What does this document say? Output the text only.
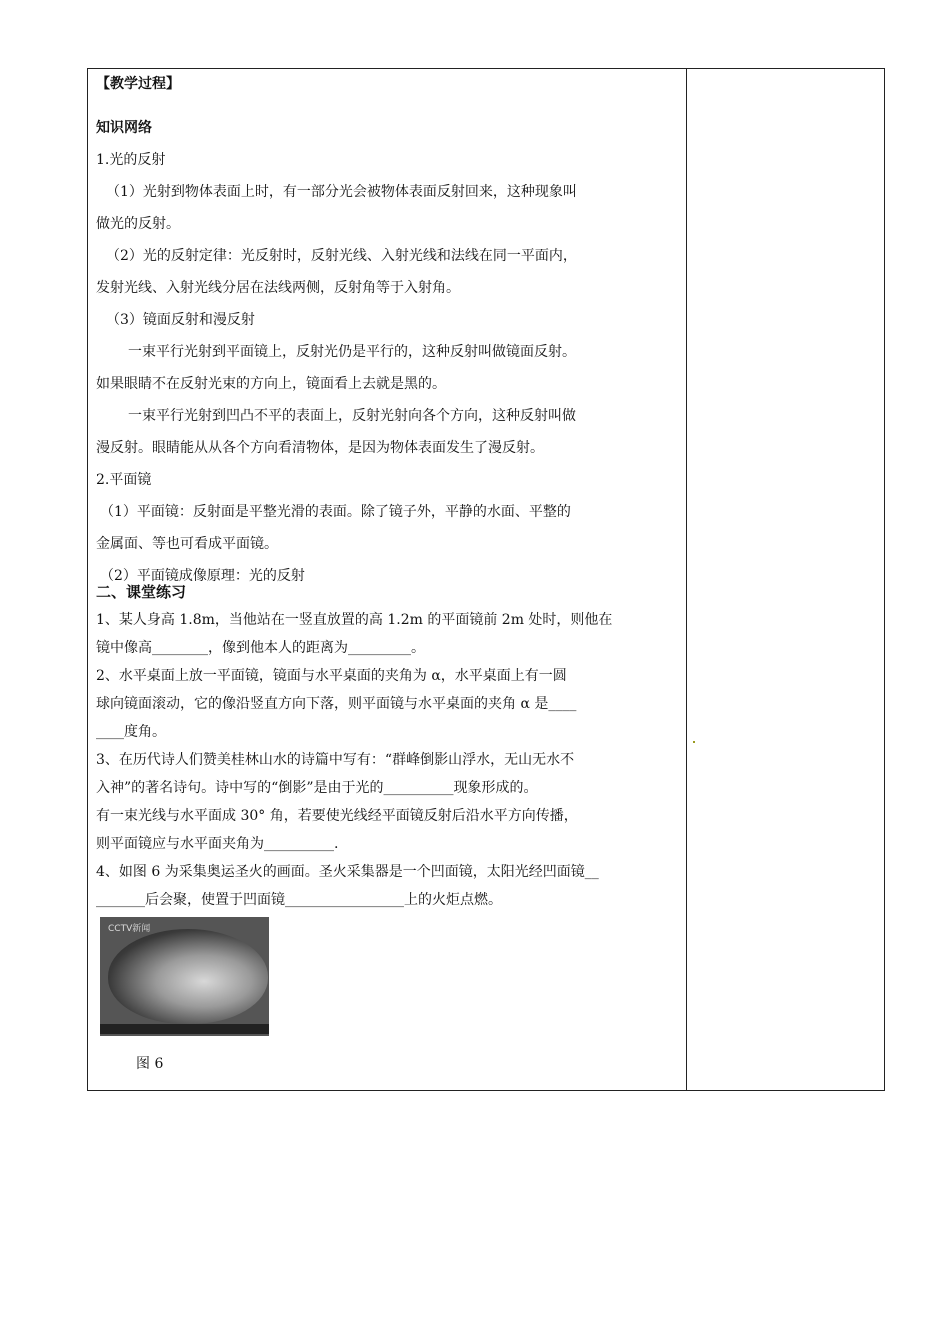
【教学过程】
知识网络
1.光的反射
（1）光射到物体表面上时，有一部分光会被物体表面反射回来，这种现象叫
做光的反射。
（2）光的反射定律：光反射时，反射光线、入射光线和法线在同一平面内，
发射光线、入射光线分居在法线两侧，反射角等于入射角。
（3）镜面反射和漫反射
一束平行光射到平面镜上，反射光仍是平行的，这种反射叫做镜面反射。
如果眼睛不在反射光束的方向上，镜面看上去就是黑的。
一束平行光射到凹凸不平的表面上，反射光射向各个方向，这种反射叫做
漫反射。眼睛能从从各个方向看清物体，是因为物体表面发生了漫反射。
2.平面镜
（1）平面镜：反射面是平整光滑的表面。除了镜子外，平静的水面、平整的
金属面、等也可看成平面镜。
（2）平面镜成像原理：光的反射
二、课堂练习
1、某人身高 1.8m，当他站在一竖直放置的高 1.2m 的平面镜前 2m 处时，则他在
镜中像高________，像到他本人的距离为_________。
2、水平桌面上放一平面镜，镜面与水平桌面的夹角为 α，水平桌面上有一圆
球向镜面滚动，它的像沿竖直方向下落，则平面镜与水平桌面的夹角 α 是____
____度角。
3、在历代诗人们赞美桂林山水的诗篇中写有：“群峰倒影山浮水，无山无水不
入神”的著名诗句。诗中写的“倒影”是由于光的__________现象形成的。
有一束光线与水平面成 30° 角，若要使光线经平面镜反射后沿水平方向传播，
则平面镜应与水平面夹角为__________.
4、如图 6 为采集奥运圣火的画面。圣火采集器是一个凹面镜，太阳光经凹面镜__
_______后会聚，使置于凹面镜_________________上的火炬点燃。
CCTV新闻
图 6
